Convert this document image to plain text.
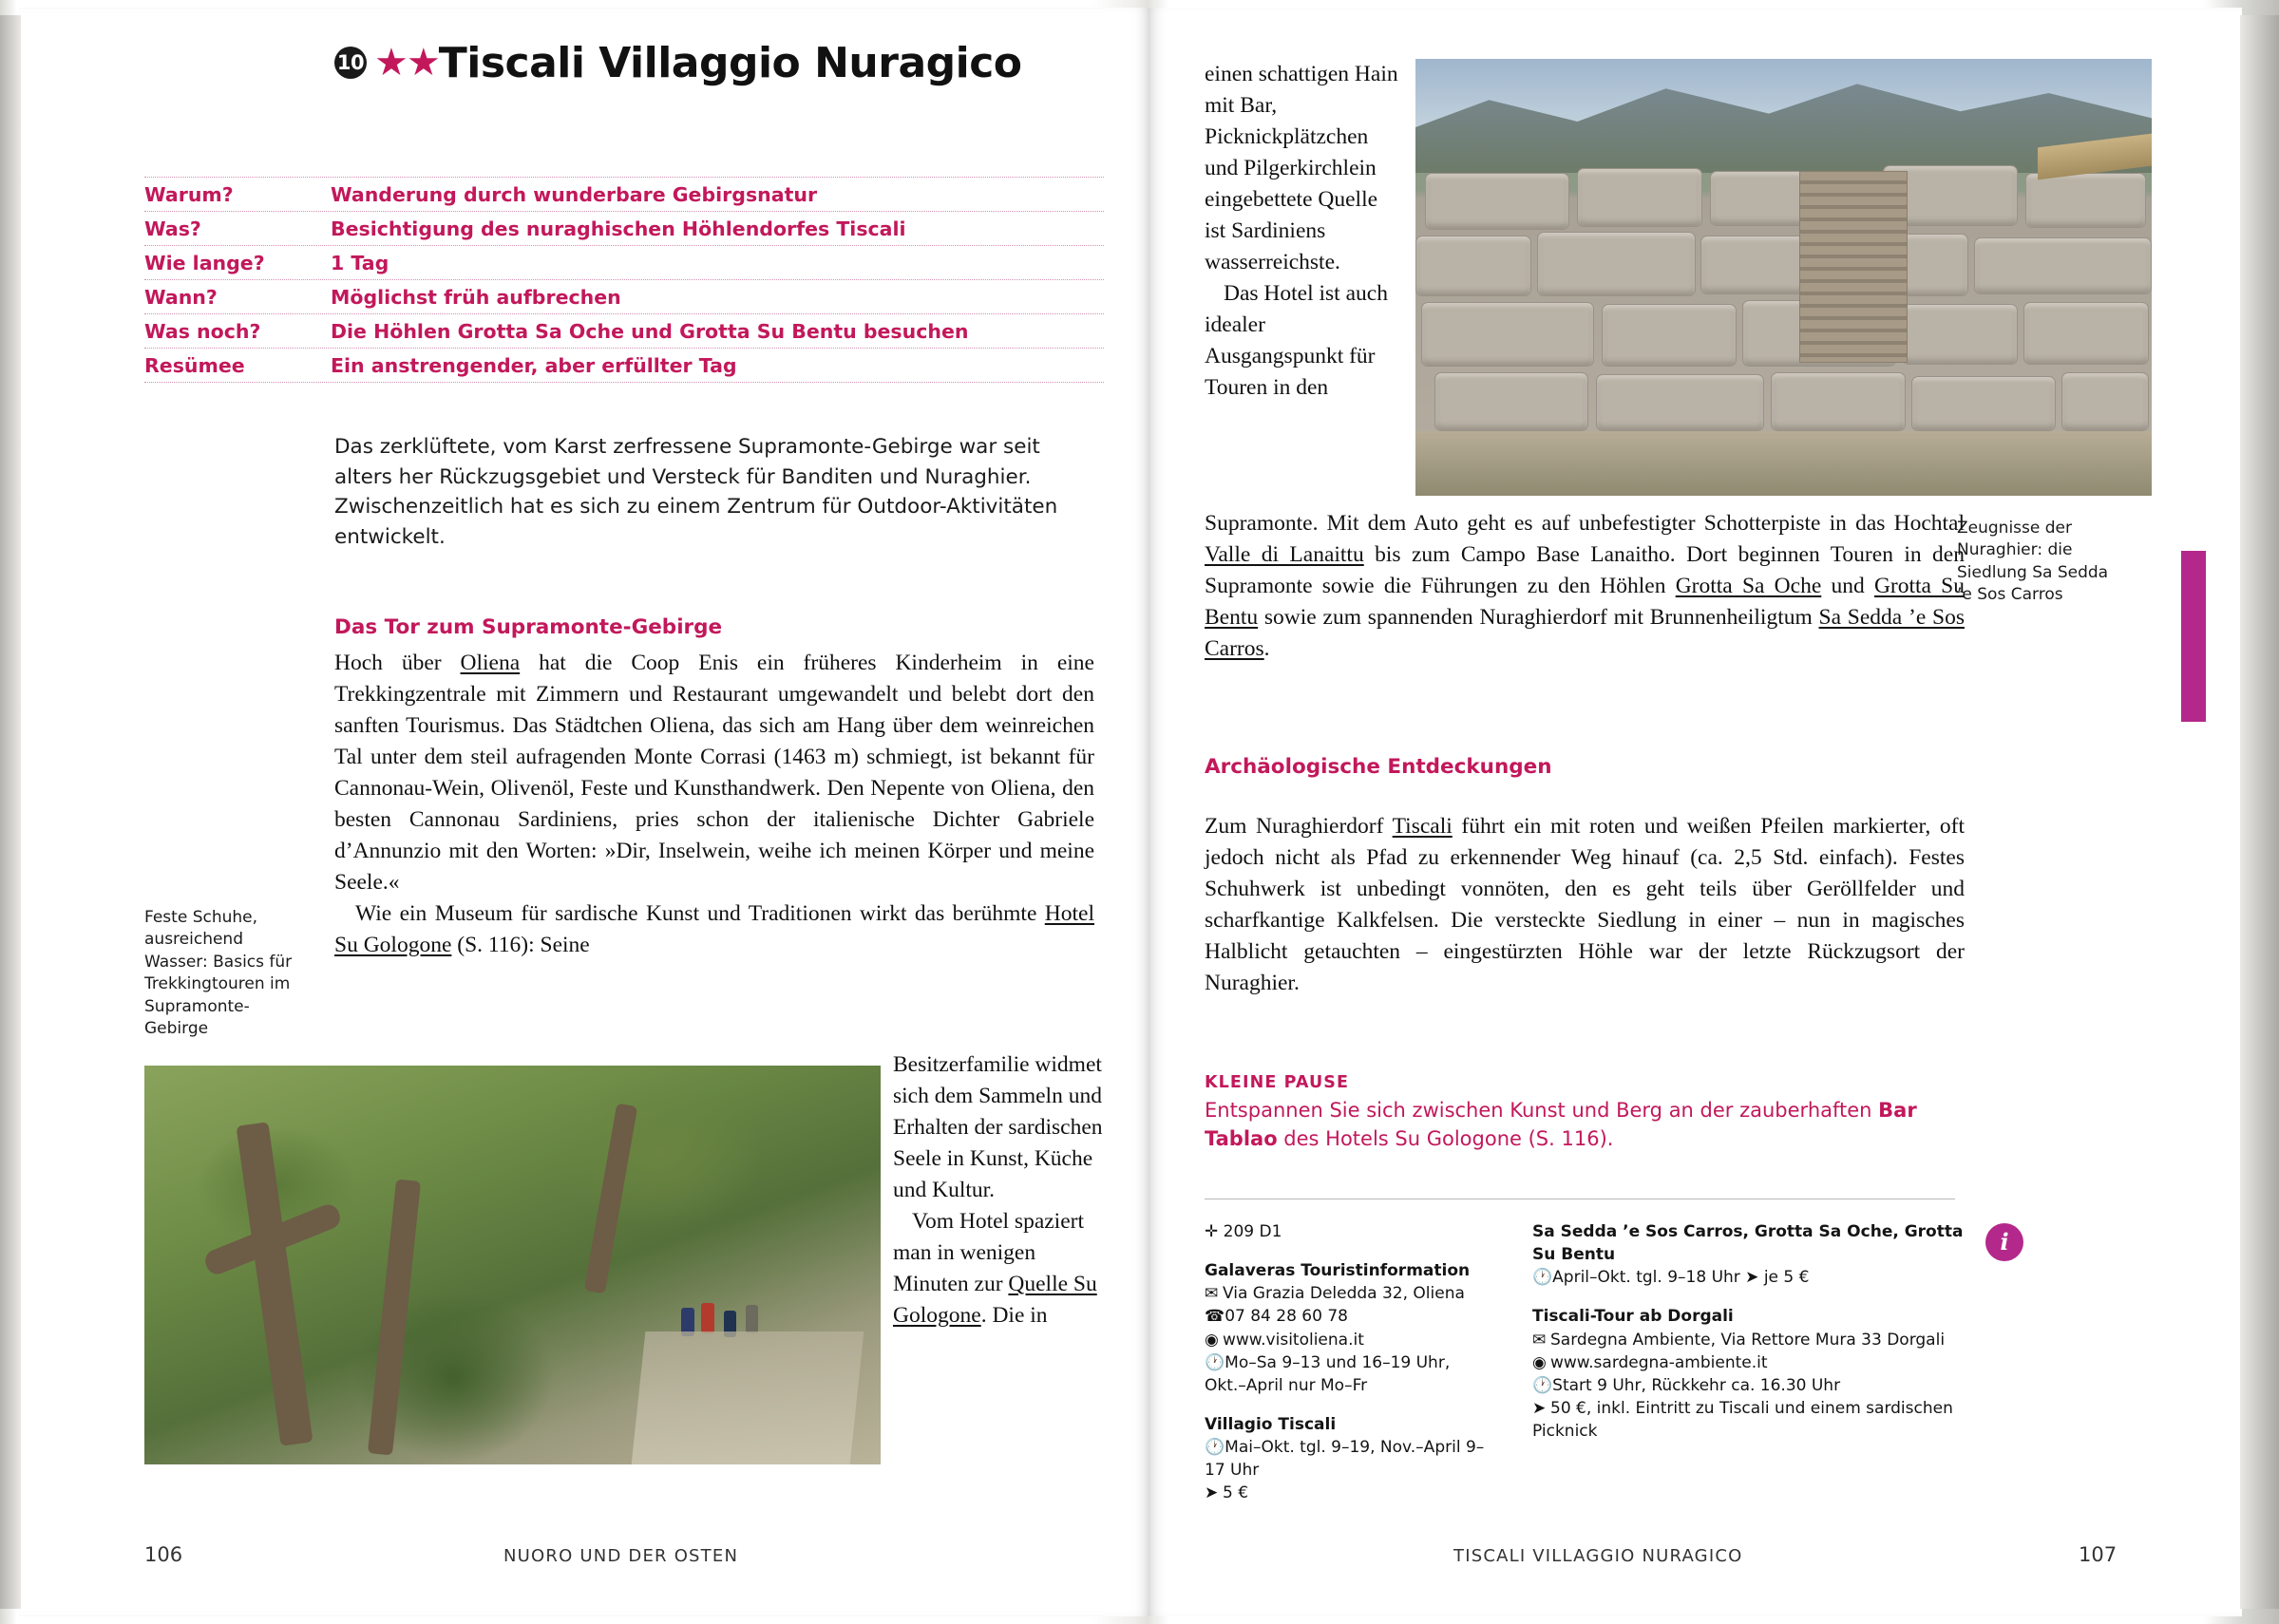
10 ★★Tiscali Villaggio Nuragico
Warum?	Wanderung durch wunderbare Gebirgsnatur
Was?	Besichtigung des nuraghischen Höhlendorfes Tiscali
Wie lange?	1 Tag
Wann?	Möglichst früh aufbrechen
Was noch?	Die Höhlen Grotta Sa Oche und Grotta Su Bentu besuchen
Resümee	Ein anstrengender, aber erfüllter Tag
Das zerklüftete, vom Karst zerfressene Supramonte-Gebirge war seit alters her Rückzugsgebiet und Versteck für Banditen und Nuraghier. Zwischenzeitlich hat es sich zu einem Zentrum für Outdoor-Aktivitäten entwickelt.
Das Tor zum Supramonte-Gebirge

Hoch über Oliena hat die Coop Enis ein früheres Kinderheim in eine Trekkingzentrale mit Zimmern und Restaurant umgewandelt und belebt dort den sanften Tourismus. Das Städtchen Oliena, das sich am Hang über dem weinreichen Tal unter dem steil aufragenden Monte Corrasi (1463 m) schmiegt, ist bekannt für Cannonau-Wein, Olivenöl, Feste und Kunsthandwerk. Den Nepente von Oliena, den besten Cannonau Sardiniens, pries schon der italienische Dichter Gabriele d’Annunzio mit den Worten: »Dir, Inselwein, weihe ich meinen Körper und meine Seele.«

Wie ein Museum für sardische Kunst und Traditionen wirkt das berühmte Hotel Su Gologone (S. 116): Seine

Feste Schuhe, ausreichend Wasser: Basics für Trekkingtouren im Supramonte-Gebirge

Besitzerfamilie widmet sich dem Sammeln und Erhalten der sardischen Seele in Kunst, Küche und Kultur.

Vom Hotel spaziert man in wenigen Minuten zur Quelle Su Gologone. Die in

106	NUORO UND DER OSTEN

einen schattigen Hain mit Bar, Picknickplätzchen und Pilgerkirchlein eingebettete Quelle ist Sardiniens wasserreichste.

Das Hotel ist auch idealer Ausgangspunkt für Touren in den

Zeugnisse der Nuraghier: die Siedlung Sa Sedda ’e Sos Carros

Supramonte. Mit dem Auto geht es auf unbefestigter Schotterpiste in das Hochtal Valle di Lanaittu bis zum Campo Base Lanaitho. Dort beginnen Touren in den Supramonte sowie die Führungen zu den Höhlen Grotta Sa Oche und Grotta Su Bentu sowie zum spannenden Nuraghierdorf mit Brunnenheiligtum Sa Sedda ’e Sos Carros.

Archäologische Entdeckungen

Zum Nuraghierdorf Tiscali führt ein mit roten und weißen Pfeilen markierter, oft jedoch nicht als Pfad zu erkennender Weg hinauf (ca. 2,5 Std. einfach). Festes Schuhwerk ist unbedingt vonnöten, den es geht teils über Geröllfelder und scharfkantige Kalkfelsen. Die versteckte Siedlung in einer – nun in magisches Halblicht getauchten – eingestürzten Höhle war der letzte Rückzugsort der Nuraghier.

KLEINE PAUSE
Entspannen Sie sich zwischen Kunst und Berg an der zauberhaften Bar Tablao des Hotels Su Gologone (S. 116).
✛ 209 D1
Galaveras Touristinformation
✉ Via Grazia Deledda 32, Oliena
☎07 84 28 60 78
◉ www.visitoliena.it
🕐Mo–Sa 9–13 und 16–19 Uhr, Okt.–April nur Mo–Fr
Villagio Tiscali
🕐Mai–Okt. tgl. 9–19, Nov.–April 9–17 Uhr
➤ 5 €
Sa Sedda ’e Sos Carros, Grotta Sa Oche, Grotta Su Bentu
🕐April–Okt. tgl. 9–18 Uhr ➤ je 5 €
Tiscali-Tour ab Dorgali
✉ Sardegna Ambiente, Via Rettore Mura 33 Dorgali
◉ www.sardegna-ambiente.it
🕐Start 9 Uhr, Rückkehr ca. 16.30 Uhr
➤ 50 €, inkl. Eintritt zu Tiscali und einem sardischen Picknick
i
107
TISCALI VILLAGGIO NURAGICO
